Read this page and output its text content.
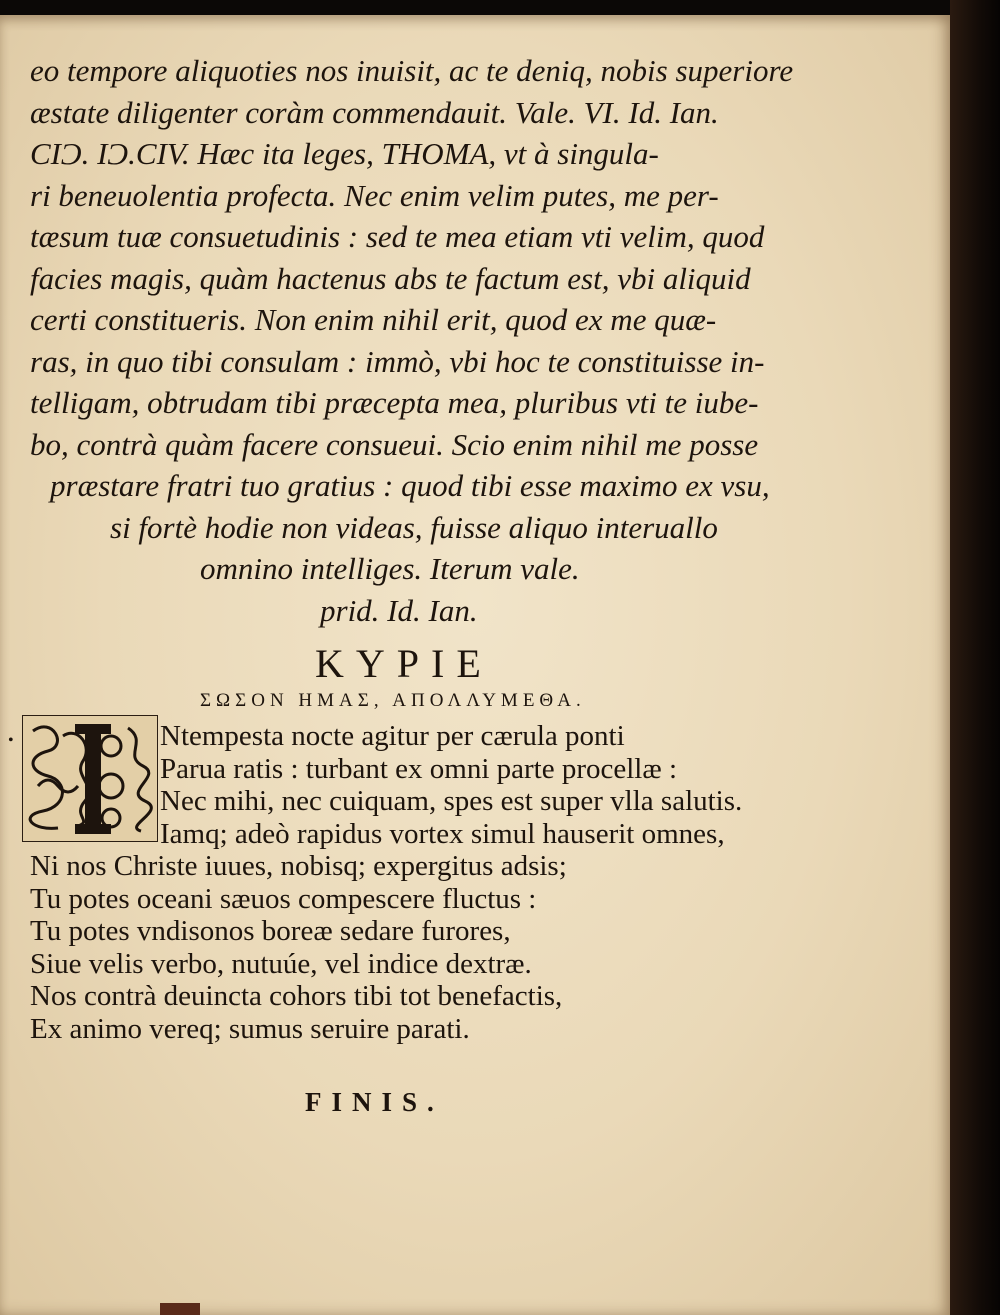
eo tempore aliquoties nos inuisit, ac te deniq, nobis superiore
æstate diligenter coràm commendauit. Vale. VI. Id. Ian.
CIϽ. IϽ.CIV. Hæc ita leges, THOMA, vt à singula-
ri beneuolentia profecta. Nec enim velim putes, me per-
tæsum tuæ consuetudinis : sed te mea etiam vti velim, quod
facies magis, quàm hactenus abs te factum est, vbi aliquid
certi constitueris. Non enim nihil erit, quod ex me quæ-
ras, in quo tibi consulam : immò, vbi hoc te constituisse in-
telligam, obtrudam tibi præcepta mea, pluribus vti te iube-
bo, contrà quàm facere consueui. Scio enim nihil me posse
præstare fratri tuo gratius : quod tibi esse maximo ex vsu,
si fortè hodie non videas, fuisse aliquo interuallo
omnino intelliges. Iterum vale.
prid. Id. Ian.
KYPIE
ΣΩΣΟΝ ΗΜΑΣ, ΑΠΟΛΛΥΜΕΘΑ.
•	Ntempesta nocte agitur per cærula ponti
Parua ratis : turbant ex omni parte procellæ :
Nec mihi, nec cuiquam, spes est super vlla salutis.
Iamq; adeò rapidus vortex simul hauserit omnes,
Ni nos Christe iuues, nobisq; expergitus adsis;
Tu potes oceani sæuos compescere fluctus :
Tu potes vndisonos boreæ sedare furores,
Siue velis verbo, nutuúe, vel indice dextræ.
Nos contrà deuincta cohors tibi tot benefactis,
Ex animo vereq; sumus seruire parati.
FINIS.
